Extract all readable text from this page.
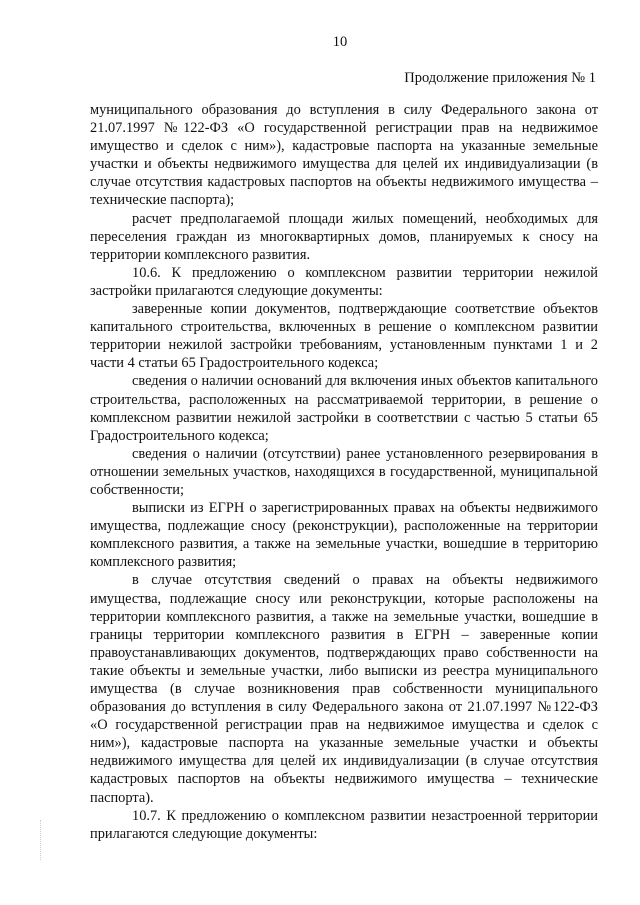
10
Продолжение приложения № 1

муниципального образования до вступления в силу Федерального закона от 21.07.1997 №122-ФЗ «О государственной регистрации прав на недвижимое имущество и сделок с ним»), кадастровые паспорта на указанные земельные участки и объекты недвижимого имущества для целей их индивидуализации (в случае отсутствия кадастровых паспортов на объекты недвижимого имущества – технические паспорта);

расчет предполагаемой площади жилых помещений, необходимых для переселения граждан из многоквартирных домов, планируемых к сносу на территории комплексного развития.

10.6. К предложению о комплексном развитии территории нежилой застройки прилагаются следующие документы:

заверенные копии документов, подтверждающие соответствие объектов капитального строительства, включенных в решение о комплексном развитии территории нежилой застройки требованиям, установленным пунктами 1 и 2 части 4 статьи 65 Градостроительного кодекса;

сведения о наличии оснований для включения иных объектов капитального строительства, расположенных на рассматриваемой территории, в решение о комплексном развитии нежилой застройки в соответствии с частью 5 статьи 65 Градостроительного кодекса;

сведения о наличии (отсутствии) ранее установленного резервирования в отношении земельных участков, находящихся в государственной, муниципальной собственности;

выписки из ЕГРН о зарегистрированных правах на объекты недвижимого имущества, подлежащие сносу (реконструкции), расположенные на территории комплексного развития, а также на земельные участки, вошедшие в территорию комплексного развития;

в случае отсутствия сведений о правах на объекты недвижимого имущества, подлежащие сносу или реконструкции, которые расположены на территории комплексного развития, а также на земельные участки, вошедшие в границы территории комплексного развития в ЕГРН – заверенные копии правоустанавливающих документов, подтверждающих право собственности на такие объекты и земельные участки, либо выписки из реестра муниципального имущества (в случае возникновения прав собственности муниципального образования до вступления в силу Федерального закона от 21.07.1997 №122-ФЗ «О государственной регистрации прав на недвижимое имущества и сделок с ним»), кадастровые паспорта на указанные земельные участки и объекты недвижимого имущества для целей их индивидуализации (в случае отсутствия кадастровых паспортов на объекты недвижимого имущества – технические паспорта).

10.7. К предложению о комплексном развитии незастроенной территории прилагаются следующие документы:
